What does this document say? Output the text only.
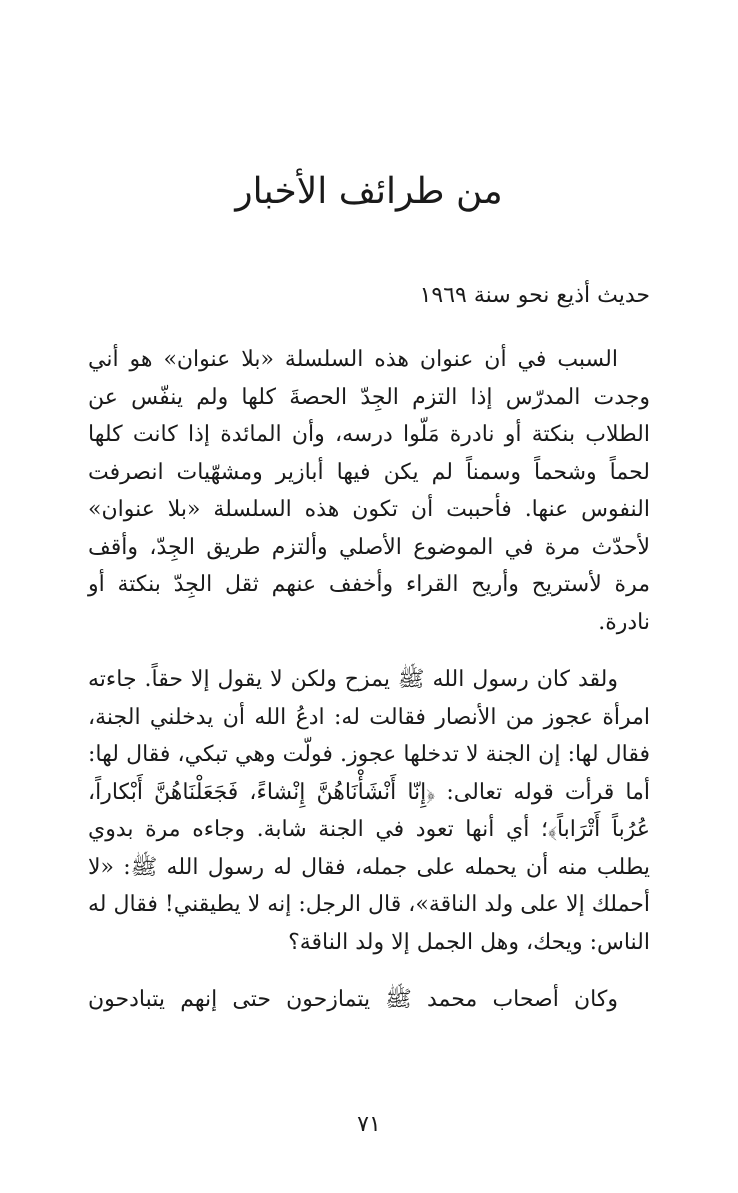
من طرائف الأخبار

حديث أذيع نحو سنة ١٩٦٩

السبب في أن عنوان هذه السلسلة «بلا عنوان» هو أني وجدت المدرّس إذا التزم الجِدّ الحصةَ كلها ولم ينفّس عن الطلاب بنكتة أو نادرة مَلّوا درسه، وأن المائدة إذا كانت كلها لحماً وشحماً وسمناً لم يكن فيها أبازير ومشهّيات انصرفت النفوس عنها. فأحببت أن تكون هذه السلسلة «بلا عنوان» لأحدّث مرة في الموضوع الأصلي وألتزم طريق الجِدّ، وأقف مرة لأستريح وأريح القراء وأخفف عنهم ثقل الجِدّ بنكتة أو نادرة.

ولقد كان رسول الله ﷺ يمزح ولكن لا يقول إلا حقاً. جاءته امرأة عجوز من الأنصار فقالت له: ادعُ الله أن يدخلني الجنة، فقال لها: إن الجنة لا تدخلها عجوز. فولّت وهي تبكي، فقال لها: أما قرأت قوله تعالى: ﴿إِنّا أَنْشَأْنَاهُنَّ إِنْشاءً، فَجَعَلْنَاهُنَّ أَبْكاراً، عُرُباً أَتْرَاباً﴾؛ أي أنها تعود في الجنة شابة. وجاءه مرة بدوي يطلب منه أن يحمله على جمله، فقال له رسول الله ﷺ: «لا أحملك إلا على ولد الناقة»، قال الرجل: إنه لا يطيقني! فقال له الناس: ويحك، وهل الجمل إلا ولد الناقة؟

وكان أصحاب محمد ﷺ يتمازحون حتى إنهم يتبادحون

٧١
